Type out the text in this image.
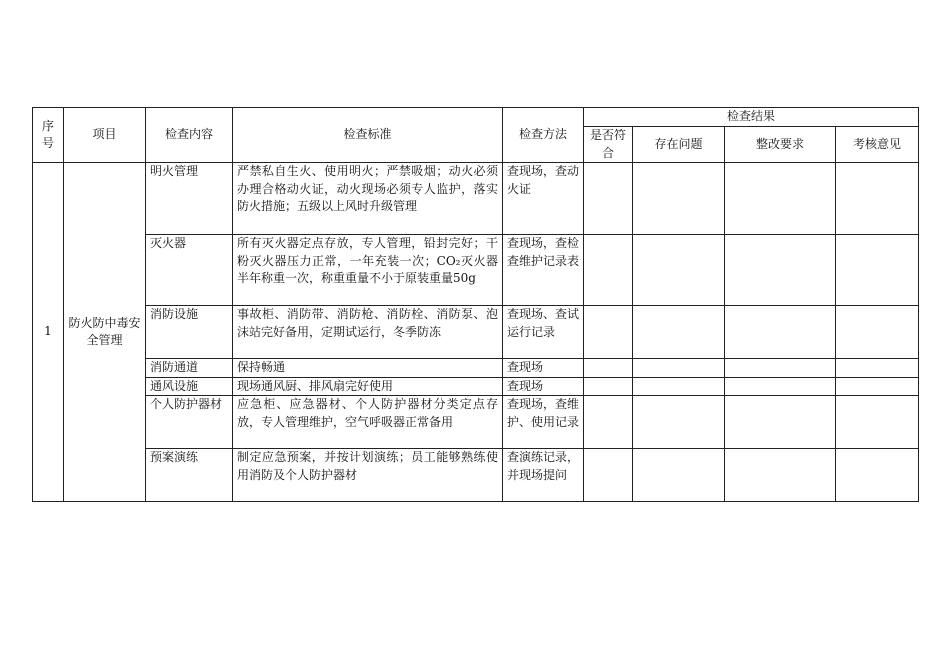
序号	项目	检查内容	检查标准	检查方法	检查结果			
					是否符合	存在问题	整改要求	考核意见
1	防火防中毒安全管理	明火管理	严禁私自生火、使用明火；严禁吸烟；动火必须办理合格动火证，动火现场必须专人监护，落实防火措施；五级以上风时升级管理	查现场，查动火证				
		灭火器	所有灭火器定点存放，专人管理，铅封完好；干粉灭火器压力正常，一年充装一次；CO₂灭火器半年称重一次，称重重量不小于原装重量50g	查现场，查检查维护记录表				
		消防设施	事故柜、消防带、消防枪、消防栓、消防泵、泡沫站完好备用，定期试运行，冬季防冻	查现场、查试运行记录				
		消防通道	保持畅通	查现场				
		通风设施	现场通风厨、排风扇完好使用	查现场				
		个人防护器材	应急柜、应急器材、个人防护器材分类定点存放，专人管理维护，空气呼吸器正常备用	查现场，查维护、使用记录				
		预案演练	制定应急预案，并按计划演练；员工能够熟练使用消防及个人防护器材	查演练记录，并现场提问				
